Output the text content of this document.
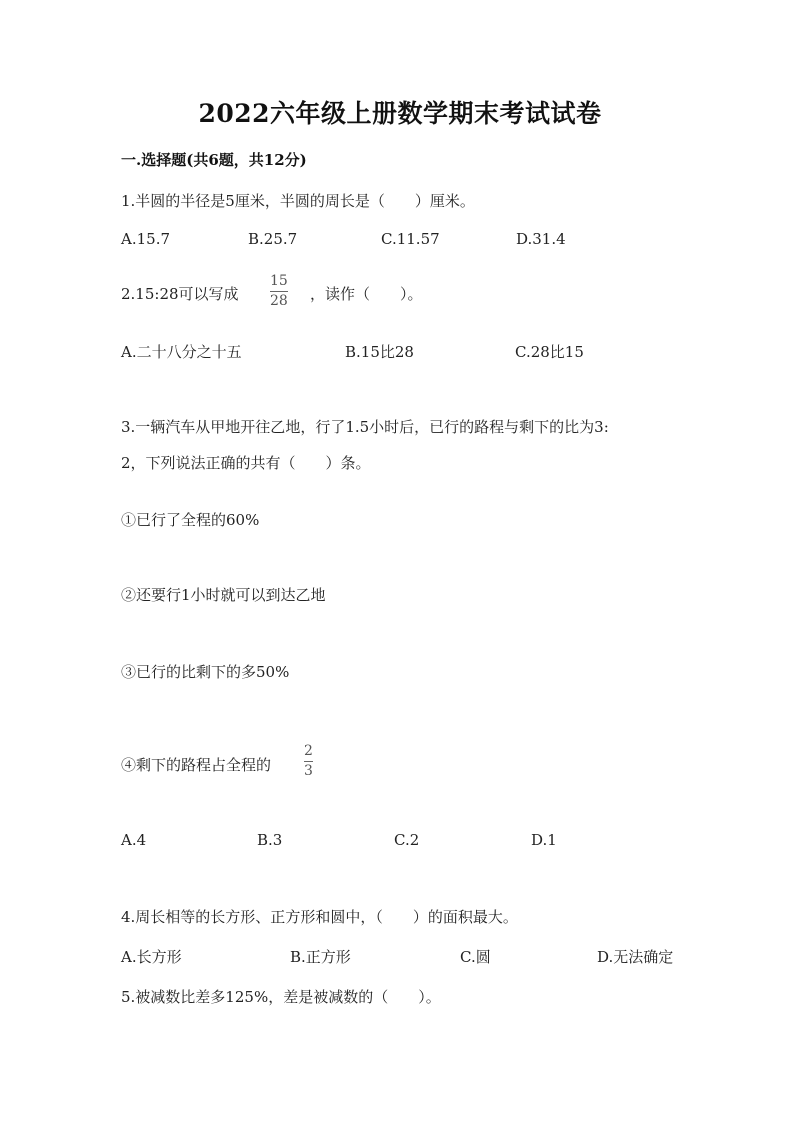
2022六年级上册数学期末考试试卷
一.选择题(共6题，共12分)
1.半圆的半径是5厘米，半圆的周长是（　　）厘米。
A.15.7	B.25.7	C.11.57	D.31.4
2.15:28可以写成
15
28 ，读作（　　）。
A.二十八分之十五	B.15比28	C.28比15
3.一辆汽车从甲地开往乙地，行了1.5小时后，已行的路程与剩下的比为3:
2，下列说法正确的共有（　　）条。
①已行了全程的60%
②还要行1小时就可以到达乙地
③已行的比剩下的多50%
④剩下的路程占全程的
2
3
A.4	B.3	C.2	D.1
4.周长相等的长方形、正方形和圆中，（　　）的面积最大。
A.长方形	B.正方形	C.圆	D.无法确定
5.被减数比差多125%，差是被减数的（　　）。
